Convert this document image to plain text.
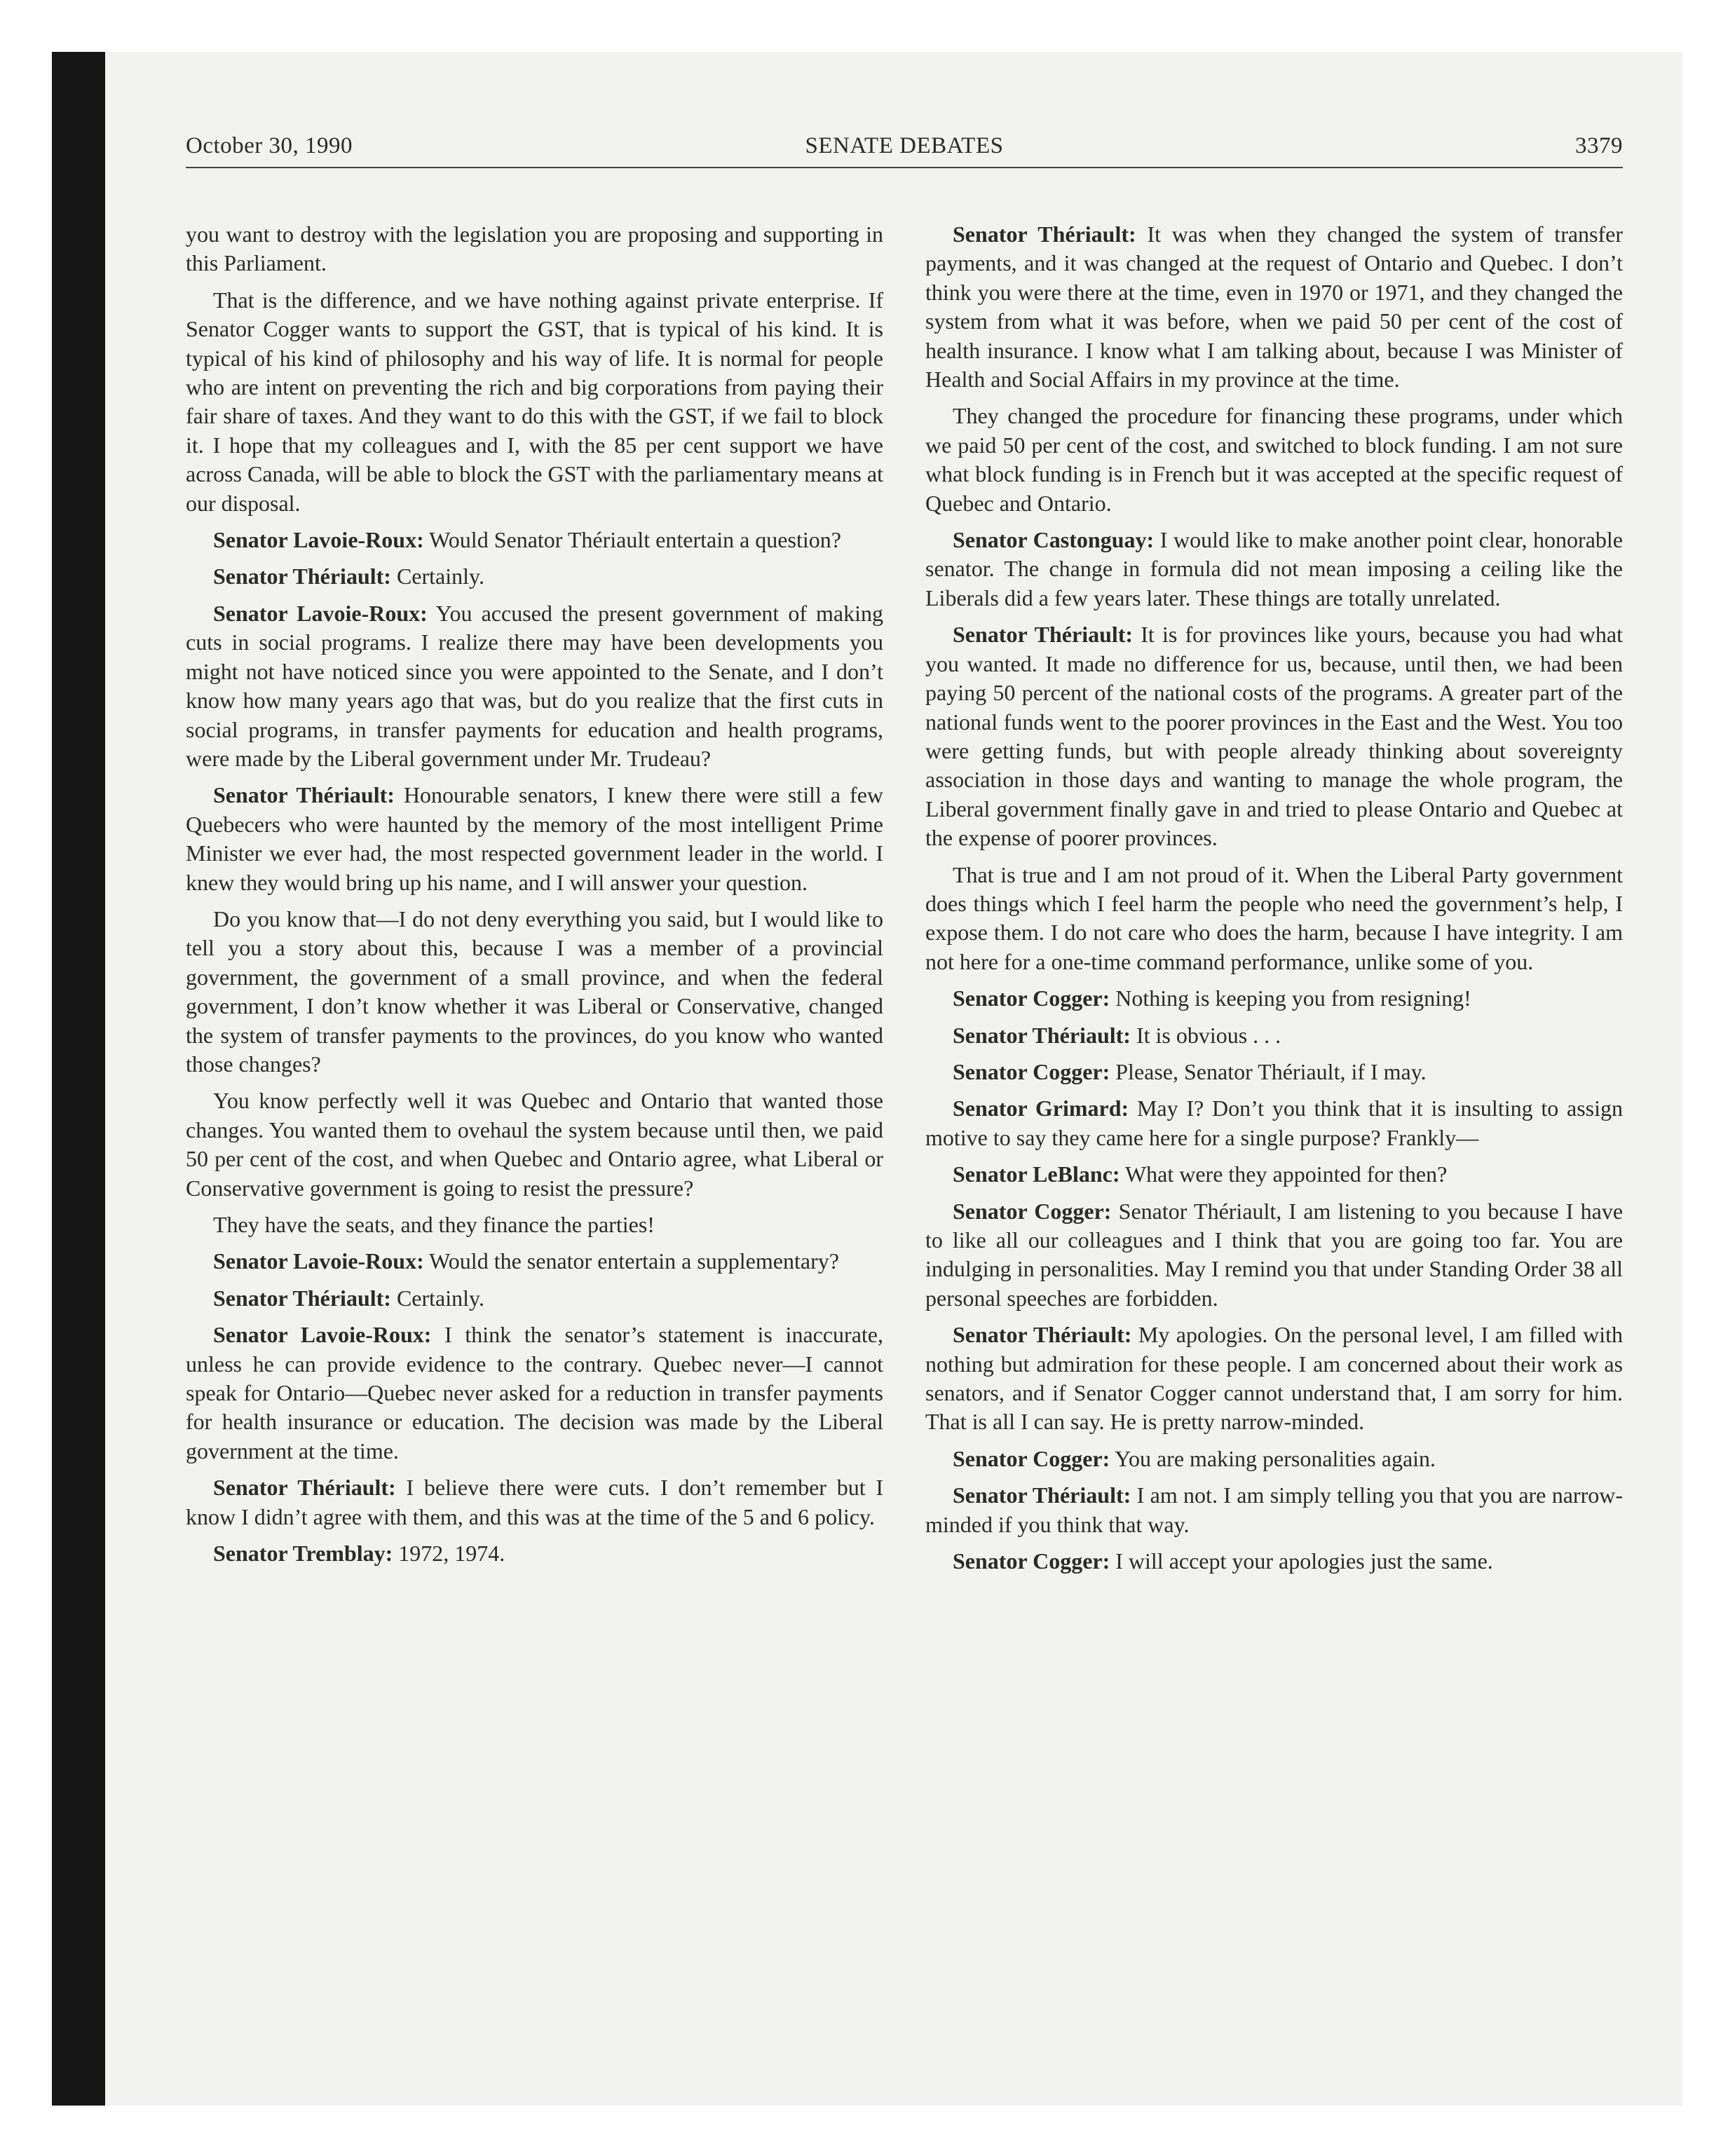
October 30, 1990	SENATE DEBATES	3379

you want to destroy with the legislation you are proposing and supporting in this Parliament.

That is the difference, and we have nothing against private enterprise. If Senator Cogger wants to support the GST, that is typical of his kind. It is typical of his kind of philosophy and his way of life. It is normal for people who are intent on preventing the rich and big corporations from paying their fair share of taxes. And they want to do this with the GST, if we fail to block it. I hope that my colleagues and I, with the 85 per cent support we have across Canada, will be able to block the GST with the parliamentary means at our disposal.

Senator Lavoie-Roux: Would Senator Thériault entertain a question?

Senator Thériault: Certainly.

Senator Lavoie-Roux: You accused the present government of making cuts in social programs. I realize there may have been developments you might not have noticed since you were appointed to the Senate, and I don’t know how many years ago that was, but do you realize that the first cuts in social programs, in transfer payments for education and health programs, were made by the Liberal government under Mr. Trudeau?

Senator Thériault: Honourable senators, I knew there were still a few Quebecers who were haunted by the memory of the most intelligent Prime Minister we ever had, the most respected government leader in the world. I knew they would bring up his name, and I will answer your question.

Do you know that—I do not deny everything you said, but I would like to tell you a story about this, because I was a member of a provincial government, the government of a small province, and when the federal government, I don’t know whether it was Liberal or Conservative, changed the system of transfer payments to the provinces, do you know who wanted those changes?

You know perfectly well it was Quebec and Ontario that wanted those changes. You wanted them to ovehaul the system because until then, we paid 50 per cent of the cost, and when Quebec and Ontario agree, what Liberal or Conservative government is going to resist the pressure?

They have the seats, and they finance the parties!

Senator Lavoie-Roux: Would the senator entertain a supplementary?

Senator Thériault: Certainly.

Senator Lavoie-Roux: I think the senator’s statement is inaccurate, unless he can provide evidence to the contrary. Quebec never—I cannot speak for Ontario—Quebec never asked for a reduction in transfer payments for health insurance or education. The decision was made by the Liberal government at the time.

Senator Thériault: I believe there were cuts. I don’t remember but I know I didn’t agree with them, and this was at the time of the 5 and 6 policy.

Senator Tremblay: 1972, 1974.

Senator Thériault: It was when they changed the system of transfer payments, and it was changed at the request of Ontario and Quebec. I don’t think you were there at the time, even in 1970 or 1971, and they changed the system from what it was before, when we paid 50 per cent of the cost of health insurance. I know what I am talking about, because I was Minister of Health and Social Affairs in my province at the time.

They changed the procedure for financing these programs, under which we paid 50 per cent of the cost, and switched to block funding. I am not sure what block funding is in French but it was accepted at the specific request of Quebec and Ontario.

Senator Castonguay: I would like to make another point clear, honorable senator. The change in formula did not mean imposing a ceiling like the Liberals did a few years later. These things are totally unrelated.

Senator Thériault: It is for provinces like yours, because you had what you wanted. It made no difference for us, because, until then, we had been paying 50 percent of the national costs of the programs. A greater part of the national funds went to the poorer provinces in the East and the West. You too were getting funds, but with people already thinking about sovereignty association in those days and wanting to manage the whole program, the Liberal government finally gave in and tried to please Ontario and Quebec at the expense of poorer provinces.

That is true and I am not proud of it. When the Liberal Party government does things which I feel harm the people who need the government’s help, I expose them. I do not care who does the harm, because I have integrity. I am not here for a one-time command performance, unlike some of you.

Senator Cogger: Nothing is keeping you from resigning!

Senator Thériault: It is obvious . . .

Senator Cogger: Please, Senator Thériault, if I may.

Senator Grimard: May I? Don’t you think that it is insulting to assign motive to say they came here for a single purpose? Frankly—

Senator LeBlanc: What were they appointed for then?

Senator Cogger: Senator Thériault, I am listening to you because I have to like all our colleagues and I think that you are going too far. You are indulging in personalities. May I remind you that under Standing Order 38 all personal speeches are forbidden.

Senator Thériault: My apologies. On the personal level, I am filled with nothing but admiration for these people. I am concerned about their work as senators, and if Senator Cogger cannot understand that, I am sorry for him. That is all I can say. He is pretty narrow-minded.

Senator Cogger: You are making personalities again.

Senator Thériault: I am not. I am simply telling you that you are narrow-minded if you think that way.

Senator Cogger: I will accept your apologies just the same.
